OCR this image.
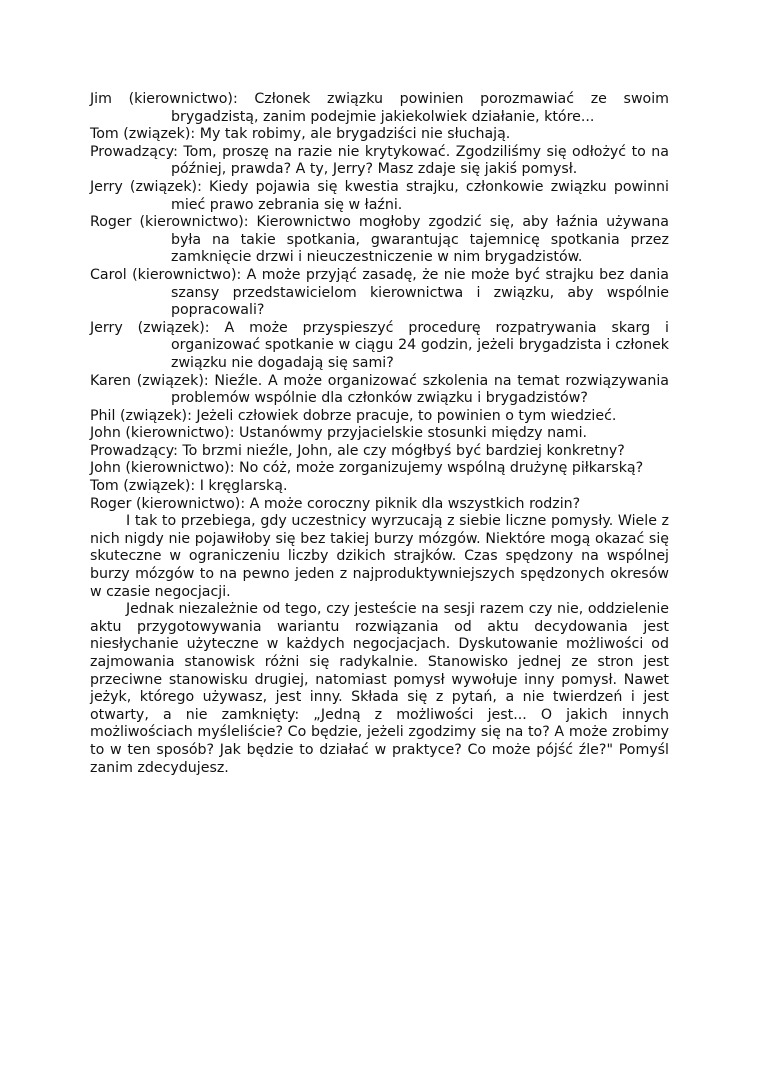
Jim (kierownictwo): Członek związku powinien porozmawiać ze swoim brygadzistą, zanim podejmie jakiekolwiek działanie, które...

Tom (związek): My tak robimy, ale brygadziści nie słuchają.

Prowadzący: Tom, proszę na razie nie krytykować. Zgodziliśmy się odłożyć to na później, prawda? A ty, Jerry? Masz zdaje się jakiś pomysł.

Jerry (związek): Kiedy pojawia się kwestia strajku, członkowie związku powinni mieć prawo zebrania się w łaźni.

Roger (kierownictwo): Kierownictwo mogłoby zgodzić się, aby łaźnia używana była na takie spotkania, gwarantując tajemnicę spotkania przez zamknięcie drzwi i nieuczestniczenie w nim brygadzistów.

Carol (kierownictwo): A może przyjąć zasadę, że nie może być strajku bez dania szansy przedstawicielom kierownictwa i związku, aby wspólnie popracowali?

Jerry (związek): A może przyspieszyć procedurę rozpatrywania skarg i organizować spotkanie w ciągu 24 godzin, jeżeli brygadzista i członek związku nie dogadają się sami?

Karen (związek): Nieźle. A może organizować szkolenia na temat rozwiązywania problemów wspólnie dla członków związku i brygadzistów?

Phil (związek): Jeżeli człowiek dobrze pracuje, to powinien o tym wiedzieć.

John (kierownictwo): Ustanówmy przyjacielskie stosunki między nami.

Prowadzący: To brzmi nieźle, John, ale czy mógłbyś być bardziej konkretny?

John (kierownictwo): No cóż, może zorganizujemy wspólną drużynę piłkarską?

Tom (związek): I kręglarską.

Roger (kierownictwo): A może coroczny piknik dla wszystkich rodzin?

I tak to przebiega, gdy uczestnicy wyrzucają z siebie liczne pomysły. Wiele z nich nigdy nie pojawiłoby się bez takiej burzy mózgów. Niektóre mogą okazać się skuteczne w ograniczeniu liczby dzikich strajków. Czas spędzony na wspólnej burzy mózgów to na pewno jeden z najproduktywniejszych spędzonych okresów w czasie negocjacji.

Jednak niezależnie od tego, czy jesteście na sesji razem czy nie, oddzielenie aktu przygotowywania wariantu rozwiązania od aktu decydowania jest niesłychanie użyteczne w każdych negocjacjach. Dyskutowanie możliwości od zajmowania stanowisk różni się radykalnie. Stanowisko jednej ze stron jest przeciwne stanowisku drugiej, natomiast pomysł wywołuje inny pomysł. Nawet jeżyk, którego używasz, jest inny. Składa się z pytań, a nie twierdzeń i jest otwarty, a nie zamknięty: „Jedną z możliwości jest... O jakich innych możliwościach myśleliście? Co będzie, jeżeli zgodzimy się na to? A może zrobimy to w ten sposób? Jak będzie to działać w praktyce? Co może pójść źle?" Pomyśl zanim zdecydujesz.
